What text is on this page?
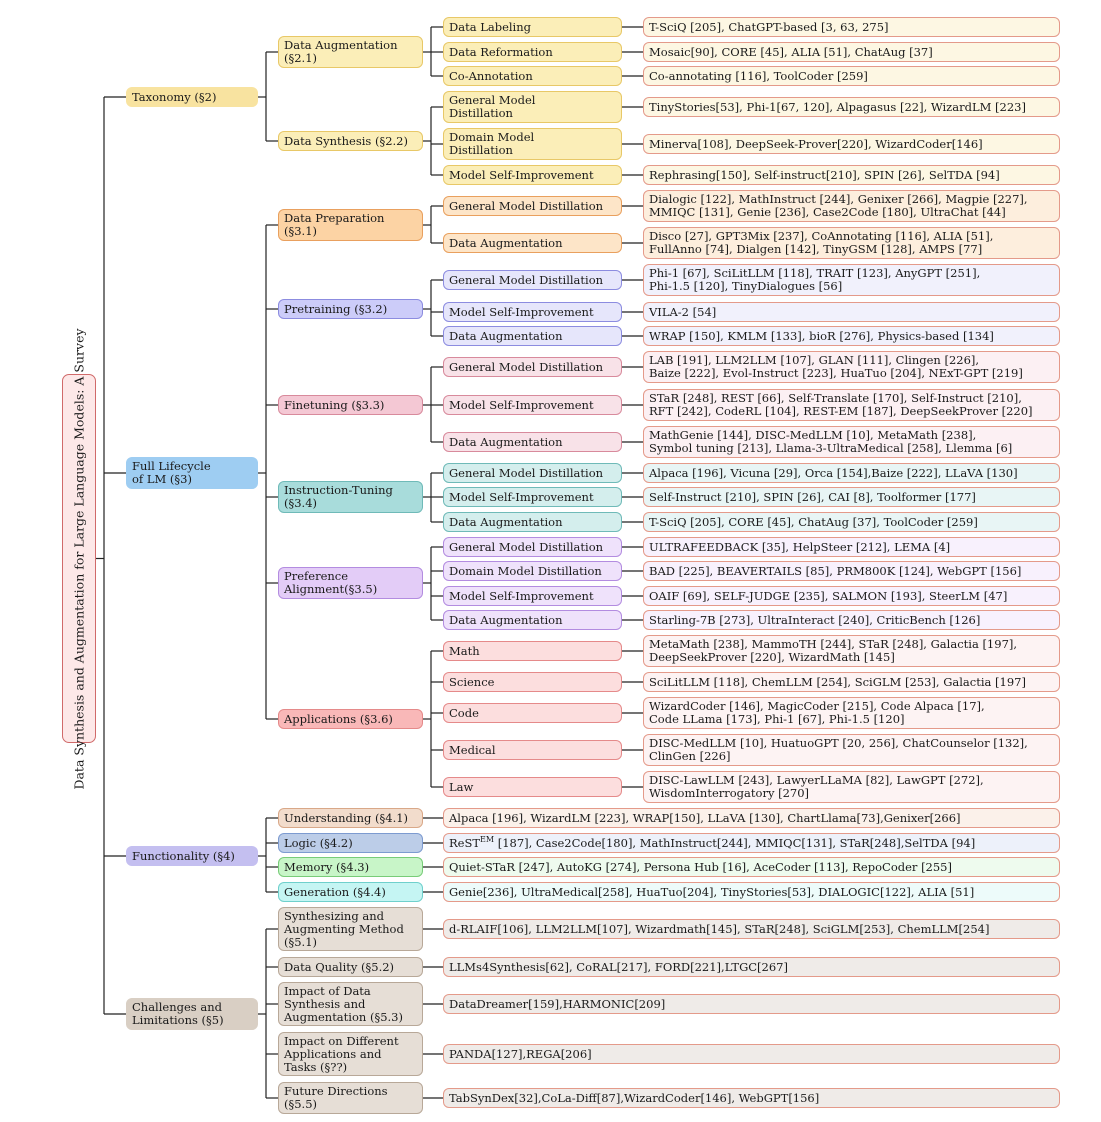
Data Synthesis and Augmentation for Large Language Models: A Survey
Taxonomy (§2)
Full Lifecycle
of LM (§3)
Functionality (§4)
Challenges and
Limitations (§5)
Data Augmentation
(§2.1)
Data Synthesis (§2.2)
Data Preparation
(§3.1)
Pretraining (§3.2)
Finetuning (§3.3)
Instruction-Tuning
(§3.4)
Preference
Alignment(§3.5)
Applications (§3.6)
Understanding (§4.1)
Logic (§4.2)
Memory (§4.3)
Generation (§4.4)
Synthesizing and
Augmenting Method
(§5.1)
Data Quality (§5.2)
Impact of Data
Synthesis and
Augmentation (§5.3)
Impact on Different
Applications and
Tasks (§??)
Future Directions
(§5.5)
Data Labeling
Data Reformation
Co-Annotation
General Model
Distillation
Domain Model
Distillation
Model Self-Improvement
General Model Distillation
Data Augmentation
General Model Distillation
Model Self-Improvement
Data Augmentation
General Model Distillation
Model Self-Improvement
Data Augmentation
General Model Distillation
Model Self-Improvement
Data Augmentation
General Model Distillation
Domain Model Distillation
Model Self-Improvement
Data Augmentation
Math
Science
Code
Medical
Law
T-SciQ [205], ChatGPT-based [3, 63, 275]
Mosaic[90], CORE [45], ALIA [51], ChatAug [37]
Co-annotating [116], ToolCoder [259]
TinyStories[53], Phi-1[67, 120], Alpagasus [22], WizardLM [223]
Minerva[108], DeepSeek-Prover[220], WizardCoder[146]
Rephrasing[150], Self-instruct[210], SPIN [26], SelTDA [94]
Dialogic [122], MathInstruct [244], Genixer [266], Magpie [227],
MMIQC [131], Genie [236], Case2Code [180], UltraChat [44]
Disco [27], GPT3Mix [237], CoAnnotating [116], ALIA [51],
FullAnno [74], Dialgen [142], TinyGSM [128], AMPS [77]
Phi-1 [67], SciLitLLM [118], TRAIT [123], AnyGPT [251],
Phi-1.5 [120], TinyDialogues [56]
VILA-2 [54]
WRAP [150], KMLM [133], bioR [276], Physics-based [134]
LAB [191], LLM2LLM [107], GLAN [111], Clingen [226],
Baize [222], Evol-Instruct [223], HuaTuo [204], NExT-GPT [219]
STaR [248], REST [66], Self-Translate [170], Self-Instruct [210],
RFT [242], CodeRL [104], REST-EM [187], DeepSeekProver [220]
MathGenie [144], DISC-MedLLM [10], MetaMath [238],
Symbol tuning [213], Llama-3-UltraMedical [258], Llemma [6]
Alpaca [196], Vicuna [29], Orca [154],Baize [222], LLaVA [130]
Self-Instruct [210], SPIN [26], CAI [8], Toolformer [177]
T-SciQ [205], CORE [45], ChatAug [37], ToolCoder [259]
ULTRAFEEDBACK [35], HelpSteer [212], LEMA [4]
BAD [225], BEAVERTAILS [85], PRM800K [124], WebGPT [156]
OAIF [69], SELF-JUDGE [235], SALMON [193], SteerLM [47]
Starling-7B [273], UltraInteract [240], CriticBench [126]
MetaMath [238], MammoTH [244], STaR [248], Galactia [197],
DeepSeekProver [220], WizardMath [145]
SciLitLLM [118], ChemLLM [254], SciGLM [253], Galactia [197]
WizardCoder [146], MagicCoder [215], Code Alpaca [17],
Code LLama [173], Phi-1 [67], Phi-1.5 [120]
DISC-MedLLM [10], HuatuoGPT [20, 256], ChatCounselor [132],
ClinGen [226]
DISC-LawLLM [243], LawyerLLaMA [82], LawGPT [272],
WisdomInterrogatory [270]
Alpaca [196], WizardLM [223], WRAP[150], LLaVA [130], ChartLlama[73],Genixer[266]
ReST$^{EM}$ [187], Case2Code[180], MathInstruct[244], MMIQC[131], STaR[248],SelTDA [94]
Quiet-STaR [247], AutoKG [274], Persona Hub [16], AceCoder [113], RepoCoder [255]
Genie[236], UltraMedical[258], HuaTuo[204], TinyStories[53], DIALOGIC[122], ALIA [51]
d-RLAIF[106], LLM2LLM[107], Wizardmath[145], STaR[248], SciGLM[253], ChemLLM[254]
LLMs4Synthesis[62], CoRAL[217], FORD[221],LTGC[267]
DataDreamer[159],HARMONIC[209]
PANDA[127],REGA[206]
TabSynDex[32],CoLa-Diff[87],WizardCoder[146], WebGPT[156]
